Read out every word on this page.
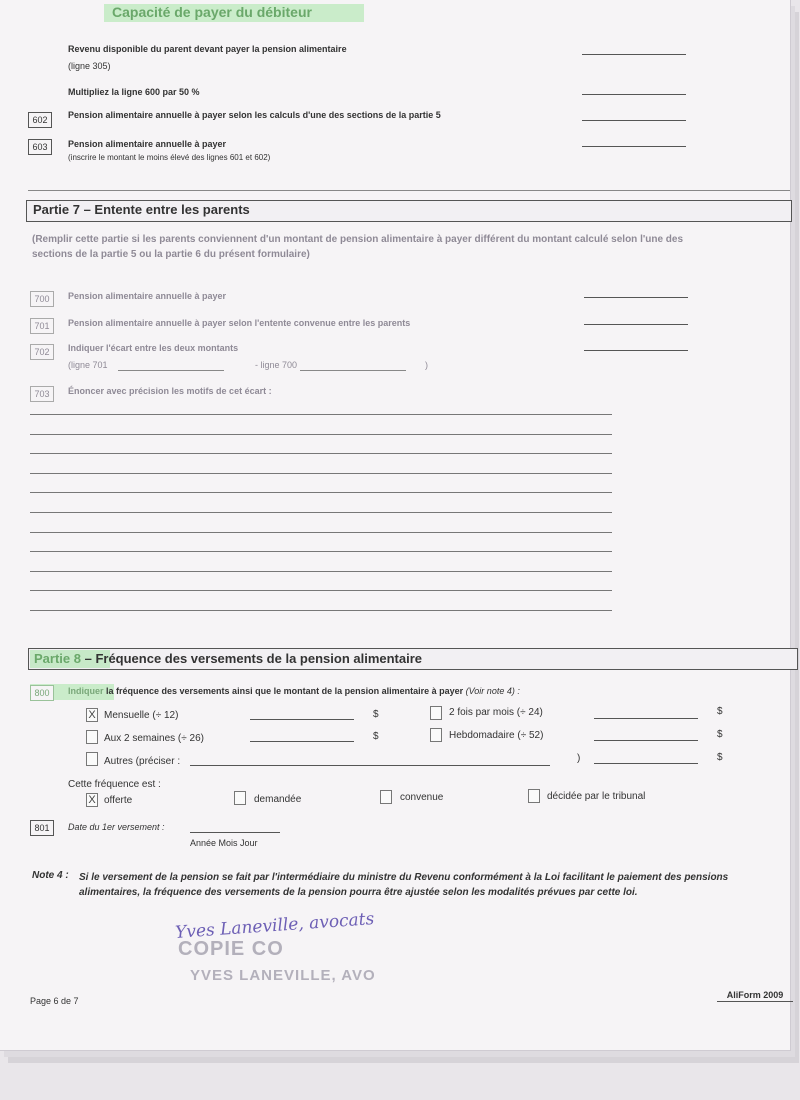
Capacité de payer du débiteur
Revenu disponible du parent devant payer la pension alimentaire
(ligne 305)
Multipliez la ligne 600 par 50 %
602	Pension alimentaire annuelle à payer selon les calculs d'une des sections de la partie 5
603	Pension alimentaire annuelle à payer
(inscrire le montant le moins élevé des lignes 601 et 602)
Partie 7 – Entente entre les parents
(Remplir cette partie si les parents conviennent d'un montant de pension alimentaire à payer différent du montant calculé selon l'une des sections de la partie 5 ou la partie 6 du présent formulaire)
700	Pension alimentaire annuelle à payer
701	Pension alimentaire annuelle à payer selon l'entente convenue entre les parents
702	Indiquer l'écart entre les deux montants
(ligne 701	- ligne 700	)
703	Énoncer avec précision les motifs de cet écart :
Partie 8 – Fréquence des versements de la pension alimentaire
800	Indiquer la fréquence des versements ainsi que le montant de la pension alimentaire à payer (Voir note 4) :
X Mensuelle (÷ 12)	$	2 fois par mois (÷ 24)	$
Aux 2 semaines (÷ 26)	$	Hebdomadaire (÷ 52)	$
Autres (préciser :	)	$
Cette fréquence est :
X offerte	demandée	convenue	décidée par le tribunal
801	Date du 1er versement :
Année Mois Jour
Note 4 : Si le versement de la pension se fait par l'intermédiaire du ministre du Revenu conformément à la Loi facilitant le paiement des pensions alimentaires, la fréquence des versements de la pension pourra être ajustée selon les modalités prévues par cette loi.
Yves Laneville, avocats
COPIE CO
YVES LANEVILLE, AVO
Page 6 de 7
AliForm 2009
